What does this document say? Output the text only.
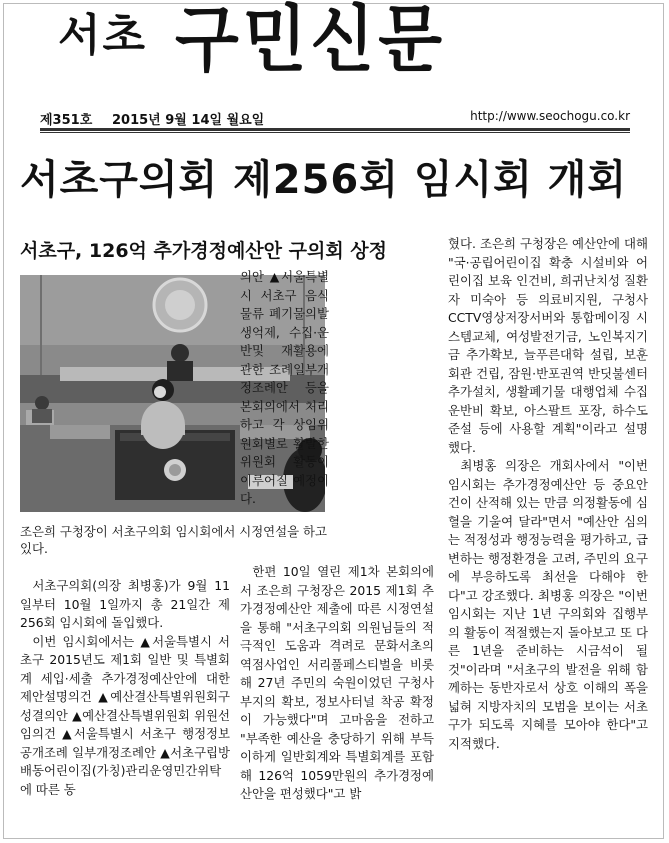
서초 구민신문
제351호 2015년 9월 14일 월요일	http://www.seochogu.co.kr
서초구의회 제256회 임시회 개회
서초구, 126억 추가경정예산안 구의회 상정
조은희 구청장이 서초구의회 임시회에서 시정연설을 하고 있다.

의안 ▲서울특별시 서초구 음식물류 폐기물의발생억제, 수집·운반및 재활용에 관한 조례일부개정조례안 등을 본회의에서 처리하고 각 상임위원회별로 활발한 위원회 활동이 이루어질 예정이다.

한편 10일 열린 제1차 본회의에서 조은희 구청장은 2015 제1회 추가경정예산안 제출에 따른 시정연설을 통해 "서초구의회 의원님들의 적극적인 도움과 격려로 문화서초의 역점사업인 서리풀페스티벌을 비롯해 27년 주민의 숙원이었던 구청사부지의 확보, 정보사터널 착공 확정이 가능했다"며 고마움을 전하고 "부족한 예산을 충당하기 위해 부득이하게 일반회계와 특별회계를 포함해 126억 1059만원의 추가경정예산안을 편성했다"고 밝

서초구의회(의장 최병홍)가 9월 11일부터 10월 1일까지 총 21일간 제256회 임시회에 돌입했다.

이번 임시회에서는 ▲서울특별시 서초구 2015년도 제1회 일반 및 특별회계 세입·세출 추가경정예산안에 대한 제안설명의건 ▲예산결산특별위원회구성결의안 ▲예산결산특별위원회 위원선임의건 ▲서울특별시 서초구 행정정보공개조례 일부개정조례안 ▲서초구립방배동어린이집(가칭)관리운영민간위탁에 따른 동

혔다. 조은희 구청장은 예산안에 대해 "국·공립어린이집 확충 시설비와 어린이집 보육 인건비, 희귀난치성 질환자 미숙아 등 의료비지원, 구청사 CCTV영상저장서버와 통합메이징 시스템교체, 여성발전기금, 노인복지기금 추가확보, 늘푸른대학 설립, 보훈회관 건립, 잠원·반포권역 반딧불센터 추가설치, 생활폐기물 대행업체 수집운반비 확보, 아스팔트 포장, 하수도준설 등에 사용할 계획"이라고 설명했다.

최병홍 의장은 개회사에서 "이번 임시회는 추가경정예산안 등 중요안건이 산적해 있는 만큼 의정활동에 심혈을 기울여 달라"면서 "예산안 심의는 적정성과 행정능력을 평가하고, 급변하는 행정환경을 고려, 주민의 요구에 부응하도록 최선을 다해야 한다"고 강조했다. 최병홍 의장은 "이번 임시회는 지난 1년 구의회와 집행부의 활동이 적절했는지 돌아보고 또 다른 1년을 준비하는 시금석이 될 것"이라며 "서초구의 발전을 위해 함께하는 동반자로서 상호 이해의 폭을 넓혀 지방자치의 모범을 보이는 서초구가 되도록 지혜를 모아야 한다"고 지적했다.
